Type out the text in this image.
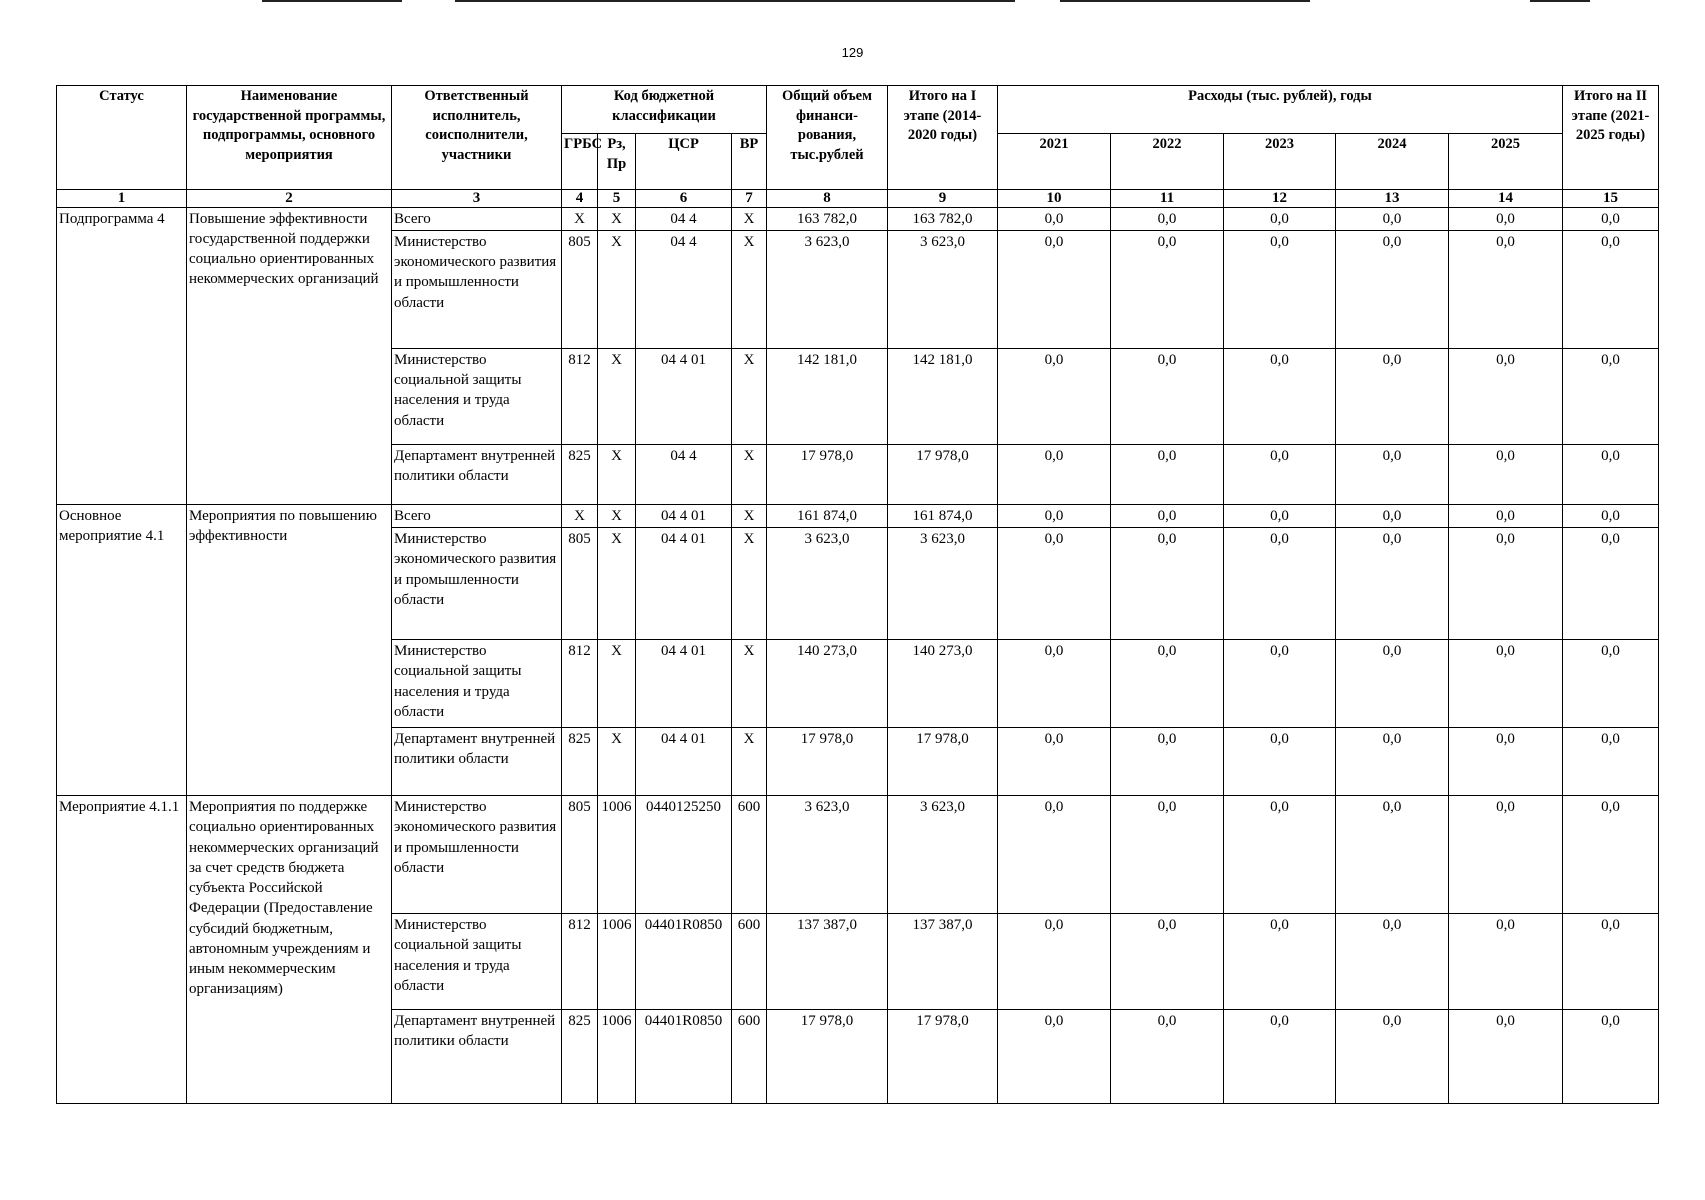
129
Статус	Наименование государственной программы, подпрограммы, основного мероприятия	Ответственный исполнитель, соисполнители, участники	Код бюджетной классификации				Общий объем финанси-рования, тыс.рублей	Итого на I этапе (2014-2020 годы)	Расходы (тыс. рублей), годы					Итого на II этапе (2021-2025 годы)
			ГРБС	Рз, Пр	ЦСР	ВР			2021	2022	2023	2024	2025	
1	2	3	4	5	6	7	8	9	10	11	12	13	14	15
Подпрограмма 4	Повышение эффективности государственной поддержки социально ориентированных некоммерческих организаций	Всего	Х	Х	04 4	Х	163 782,0	163 782,0	0,0	0,0	0,0	0,0	0,0	0,0
		Министерство экономического развития и промышленности области	805	Х	04 4	Х	3 623,0	3 623,0	0,0	0,0	0,0	0,0	0,0	0,0
		Министерство социальной защиты населения и труда области	812	Х	04 4 01	Х	142 181,0	142 181,0	0,0	0,0	0,0	0,0	0,0	0,0
		Департамент внутренней политики области	825	Х	04 4	Х	17 978,0	17 978,0	0,0	0,0	0,0	0,0	0,0	0,0
Основное мероприятие 4.1	Мероприятия по повышению эффективности	Всего	Х	Х	04 4 01	Х	161 874,0	161 874,0	0,0	0,0	0,0	0,0	0,0	0,0
		Министерство экономического развития и промышленности области	805	Х	04 4 01	Х	3 623,0	3 623,0	0,0	0,0	0,0	0,0	0,0	0,0
		Министерство социальной защиты населения и труда области	812	Х	04 4 01	Х	140 273,0	140 273,0	0,0	0,0	0,0	0,0	0,0	0,0
		Департамент внутренней политики области	825	Х	04 4 01	Х	17 978,0	17 978,0	0,0	0,0	0,0	0,0	0,0	0,0
Мероприятие 4.1.1	Мероприятия по поддержке социально ориентированных некоммерческих организаций за счет средств бюджета субъекта Российской Федерации (Предоставление субсидий бюджетным, автономным учреждениям и иным некоммерческим организациям)	Министерство экономического развития и промышленности области	805	1006	0440125250	600	3 623,0	3 623,0	0,0	0,0	0,0	0,0	0,0	0,0
		Министерство социальной защиты населения и труда области	812	1006	04401R0850	600	137 387,0	137 387,0	0,0	0,0	0,0	0,0	0,0	0,0
		Департамент внутренней политики области	825	1006	04401R0850	600	17 978,0	17 978,0	0,0	0,0	0,0	0,0	0,0	0,0
